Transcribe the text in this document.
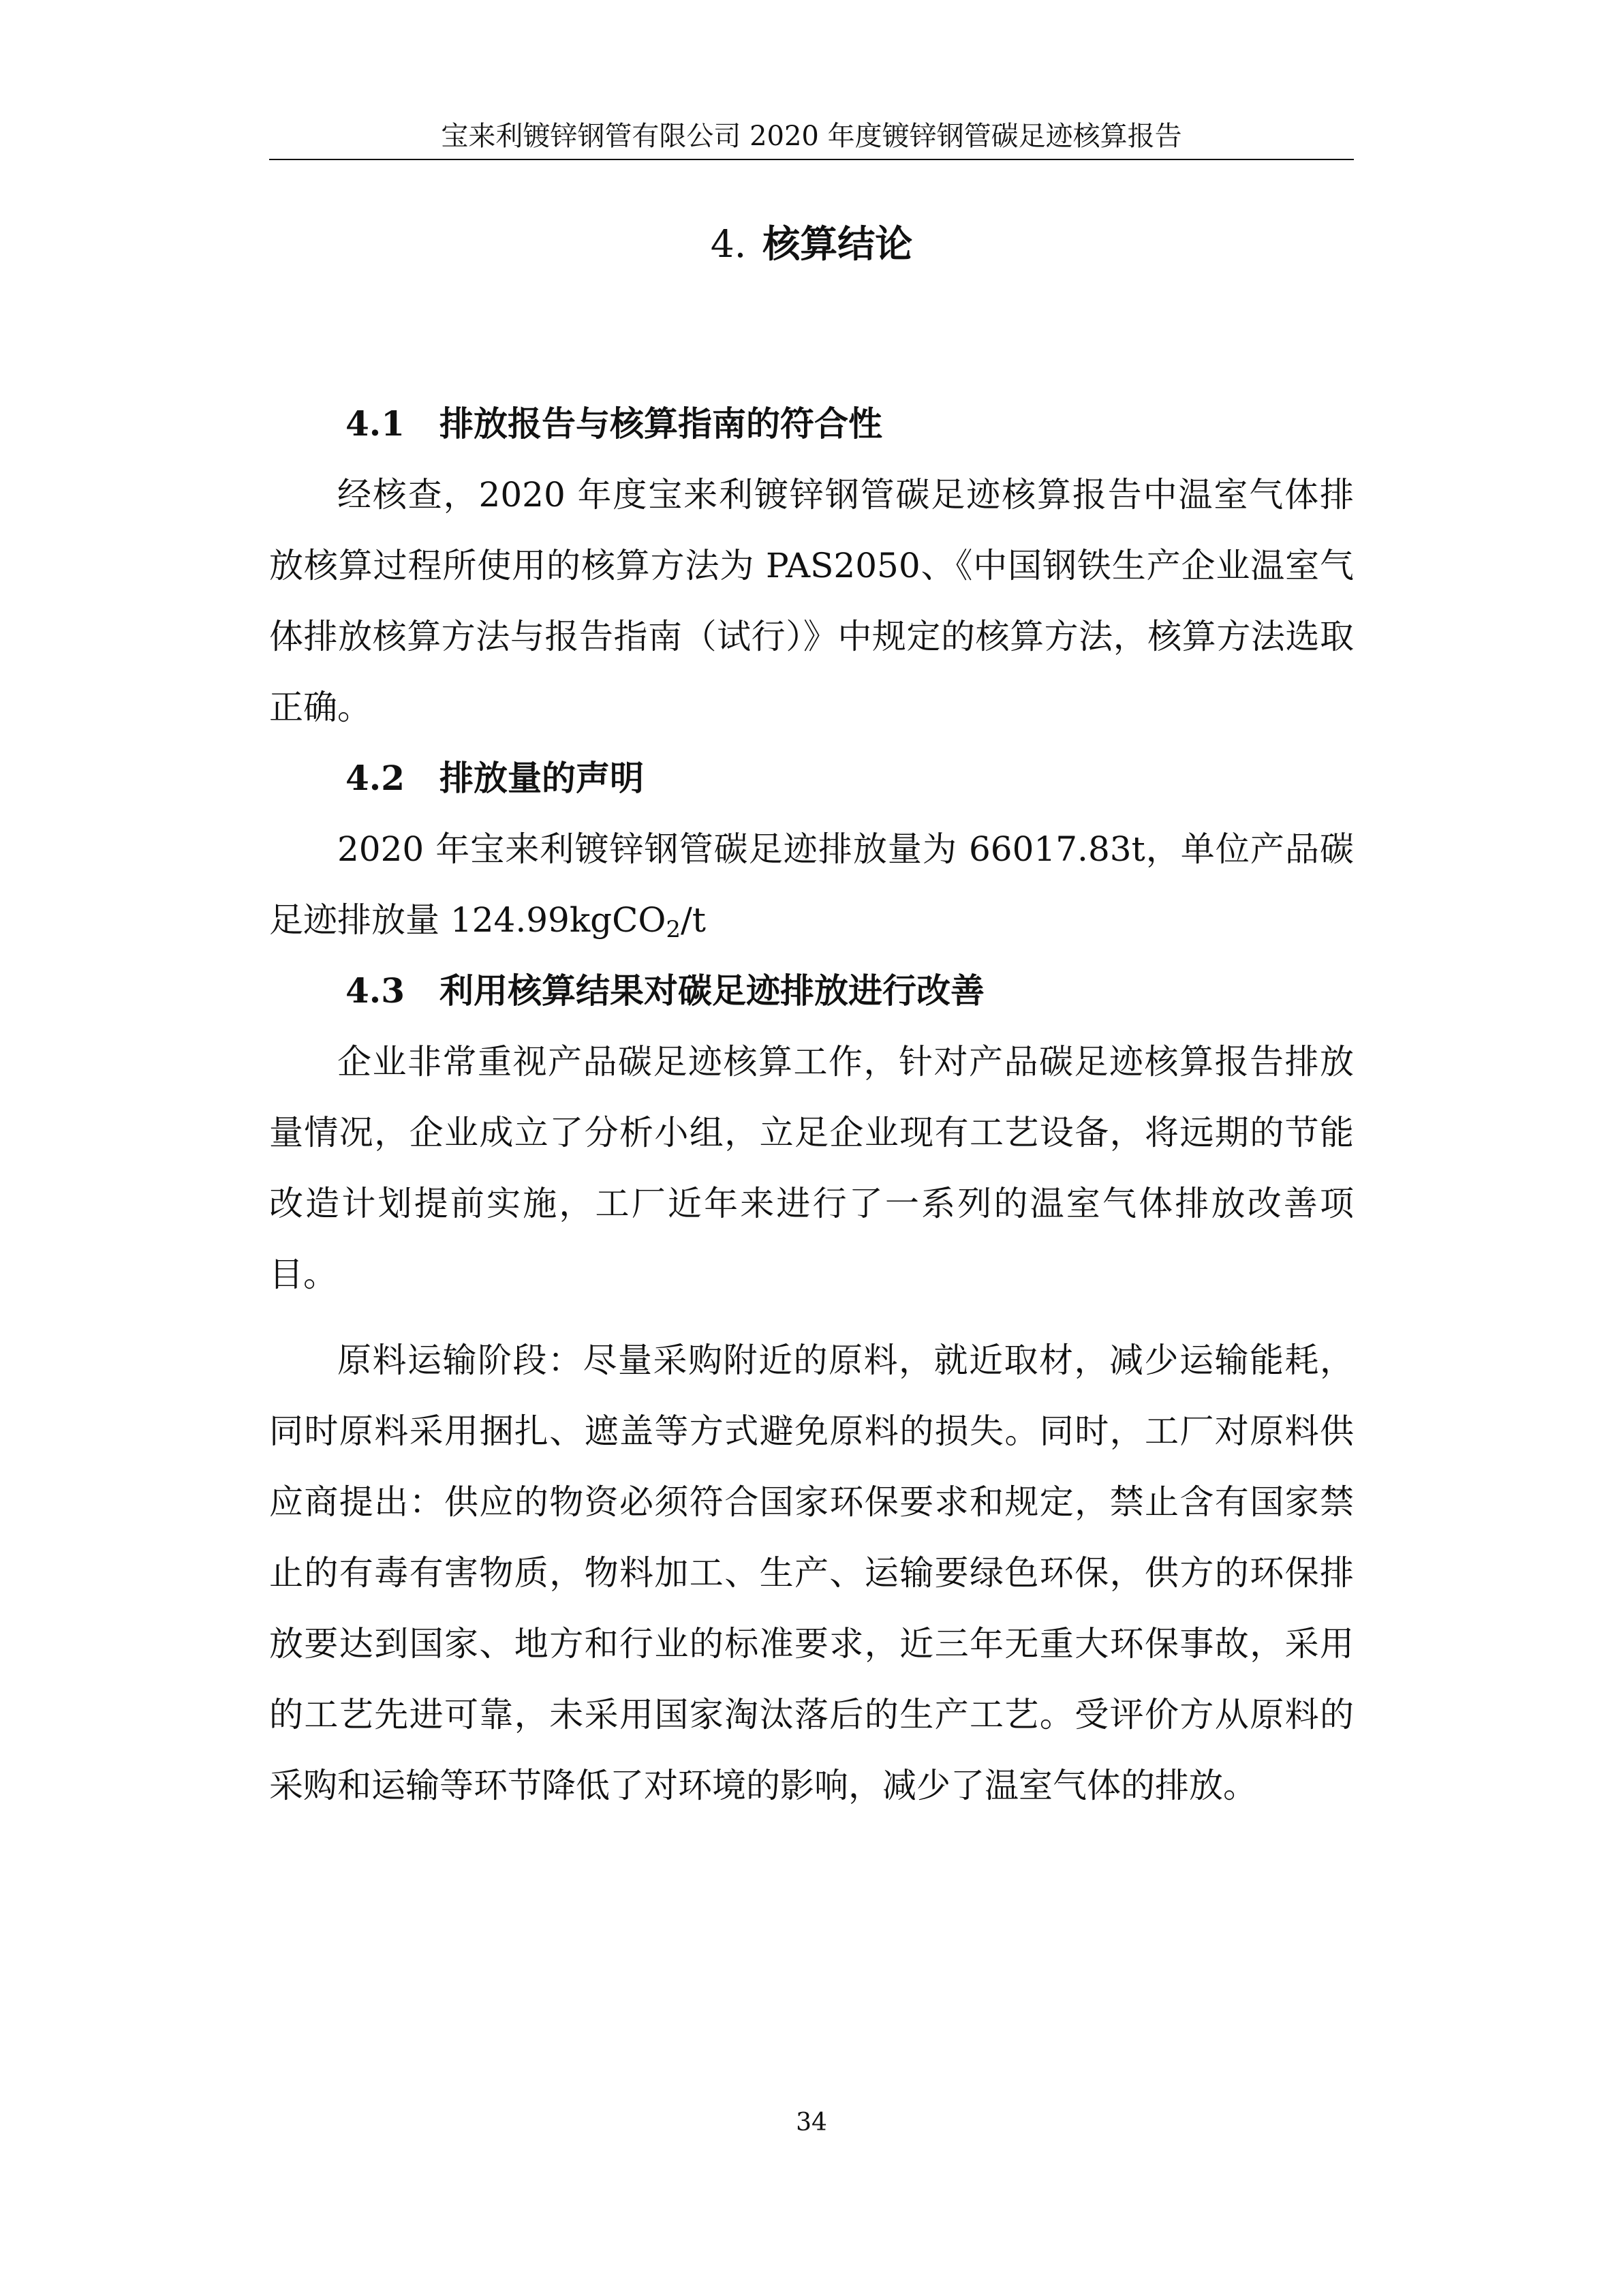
宝来利镀锌钢管有限公司 2020 年度镀锌钢管碳足迹核算报告
4. 核算结论
4.1 排放报告与核算指南的符合性

经核查，2020 年度宝来利镀锌钢管碳足迹核算报告中温室气体排放核算过程所使用的核算方法为 PAS2050、《中国钢铁生产企业温室气体排放核算方法与报告指南（试行）》中规定的核算方法，核算方法选取正确。

4.2 排放量的声明

2020 年宝来利镀锌钢管碳足迹排放量为 66017.83t，单位产品碳足迹排放量 124.99kgCO$_2$/t

4.3 利用核算结果对碳足迹排放进行改善

企业非常重视产品碳足迹核算工作，针对产品碳足迹核算报告排放量情况，企业成立了分析小组，立足企业现有工艺设备，将远期的节能改造计划提前实施，工厂近年来进行了一系列的温室气体排放改善项目。

原料运输阶段：尽量采购附近的原料，就近取材，减少运输能耗，同时原料采用捆扎、遮盖等方式避免原料的损失。同时，工厂对原料供应商提出：供应的物资必须符合国家环保要求和规定，禁止含有国家禁止的有毒有害物质，物料加工、生产、运输要绿色环保，供方的环保排放要达到国家、地方和行业的标准要求，近三年无重大环保事故，采用的工艺先进可靠，未采用国家淘汰落后的生产工艺。受评价方从原料的采购和运输等环节降低了对环境的影响，减少了温室气体的排放。

34
